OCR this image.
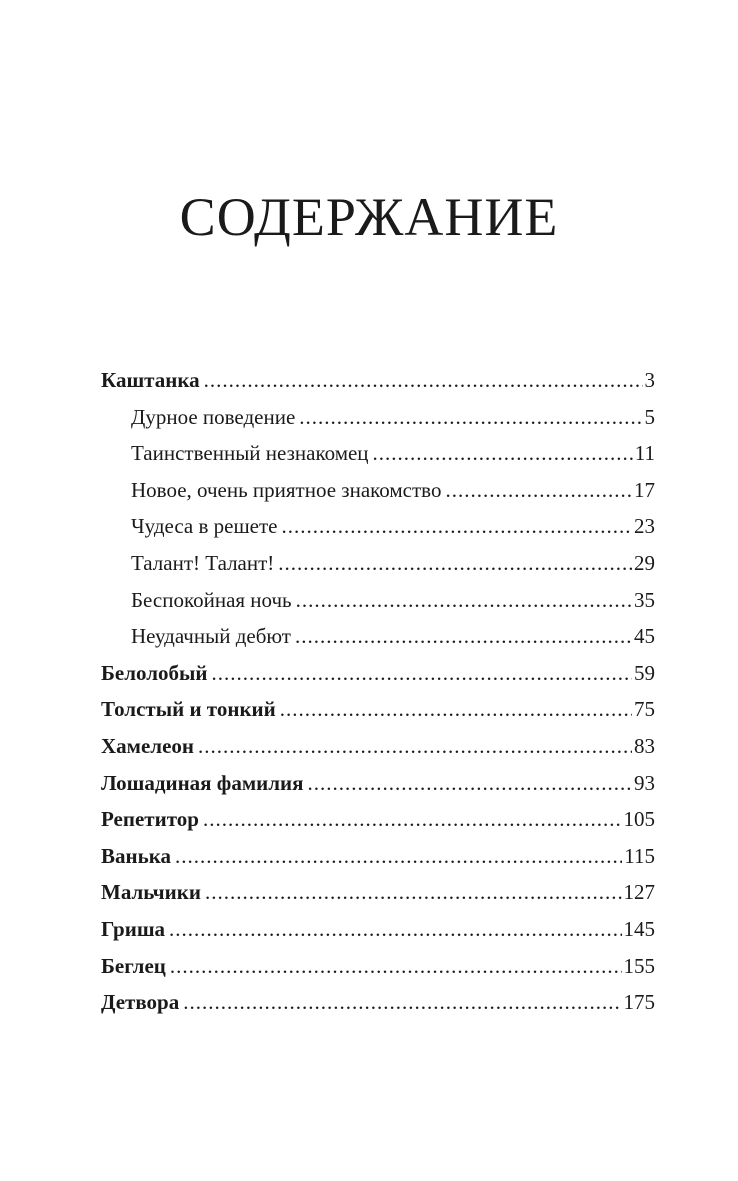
СОДЕРЖАНИЕ
Каштанка .....	3
Дурное поведение .....	5
Таинственный незнакомец .....	11
Новое, очень приятное знакомство .....	17
Чудеса в решете .....	23
Талант! Талант! .....	29
Беспокойная ночь .....	35
Неудачный дебют .....	45
Белолобый .....	59
Толстый и тонкий .....	75
Хамелеон .....	83
Лошадиная фамилия .....	93
Репетитор .....	105
Ванька .....	115
Мальчики .....	127
Гриша .....	145
Беглец .....	155
Детвора .....	175
